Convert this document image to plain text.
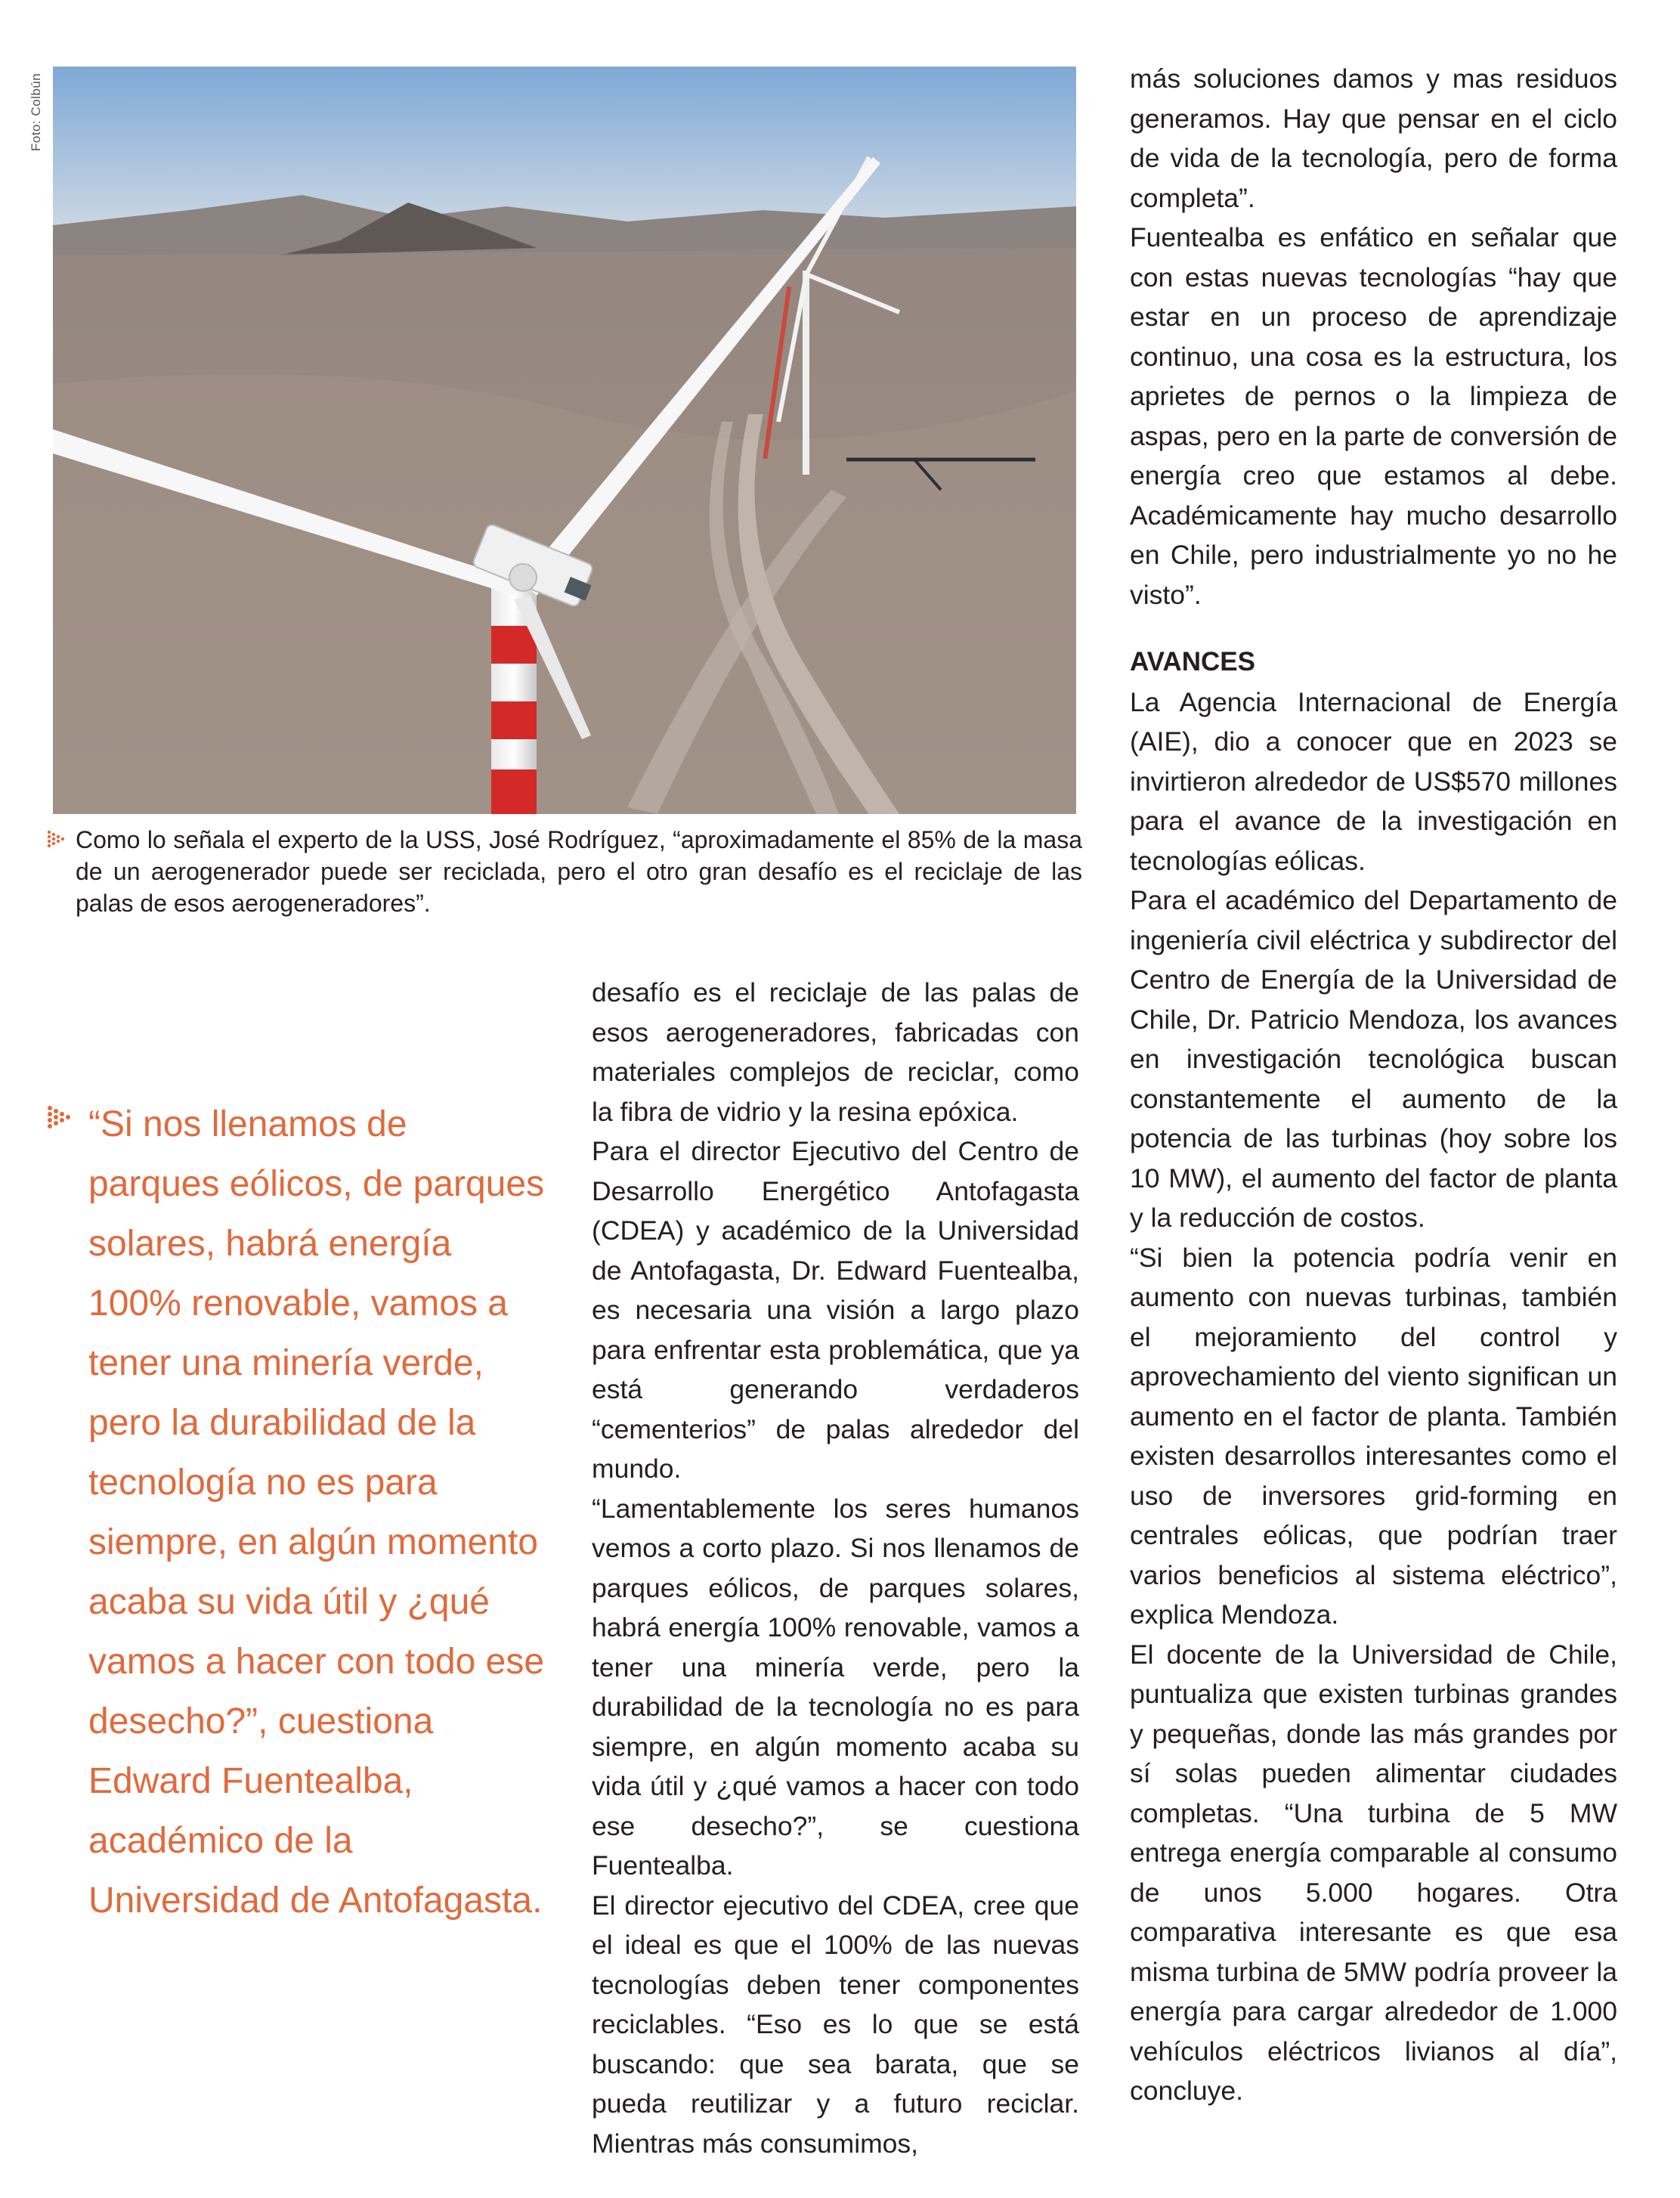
Foto: Colbún

Como lo señala el experto de la USS, José Rodríguez, “aproximadamente el 85% de la masa de un aerogenerador puede ser reciclada, pero el otro gran desafío es el reciclaje de las palas de esos aerogeneradores”.

“Si nos llenamos de parques eólicos, de parques solares, habrá energía 100% renovable, vamos a tener una minería verde, pero la durabilidad de la tecnología no es para siempre, en algún momento acaba su vida útil y ¿qué vamos a hacer con todo ese desecho?”, cuestiona Edward Fuentealba, académico de la Universidad de Antofagasta.

desafío es el reciclaje de las palas de esos aerogeneradores, fabricadas con materiales complejos de reciclar, como la fibra de vidrio y la resina epóxica.

Para el director Ejecutivo del Centro de Desarrollo Energético Antofagasta (CDEA) y académico de la Universidad de Antofagasta, Dr. Edward Fuentealba, es necesaria una visión a largo plazo para enfrentar esta problemática, que ya está generando verdaderos “cementerios” de palas alrededor del mundo.

“Lamentablemente los seres humanos vemos a corto plazo. Si nos llenamos de parques eólicos, de parques solares, habrá energía 100% renovable, vamos a tener una minería verde, pero la durabilidad de la tecnología no es para siempre, en algún momento acaba su vida útil y ¿qué vamos a hacer con todo ese desecho?”, se cuestiona Fuentealba.

El director ejecutivo del CDEA, cree que el ideal es que el 100% de las nuevas tecnologías deben tener componentes reciclables. “Eso es lo que se está buscando: que sea barata, que se pueda reutilizar y a futuro reciclar. Mientras más consumimos,

más soluciones damos y mas residuos generamos. Hay que pensar en el ciclo de vida de la tecnología, pero de forma completa”.

Fuentealba es enfático en señalar que con estas nuevas tecnologías “hay que estar en un proceso de aprendizaje continuo, una cosa es la estructura, los aprietes de pernos o la limpieza de aspas, pero en la parte de conversión de energía creo que estamos al debe. Académicamente hay mucho desarrollo en Chile, pero industrialmente yo no he visto”.

AVANCES

La Agencia Internacional de Energía (AIE), dio a conocer que en 2023 se invirtieron alrededor de US$570 millones para el avance de la investigación en tecnologías eólicas.

Para el académico del Departamento de ingeniería civil eléctrica y subdirector del Centro de Energía de la Universidad de Chile, Dr. Patricio Mendoza, los avances en investigación tecnológica buscan constantemente el aumento de la potencia de las turbinas (hoy sobre los 10 MW), el aumento del factor de planta y la reducción de costos.

“Si bien la potencia podría venir en aumento con nuevas turbinas, también el mejoramiento del control y aprovechamiento del viento significan un aumento en el factor de planta. También existen desarrollos interesantes como el uso de inversores grid-forming en centrales eólicas, que podrían traer varios beneficios al sistema eléctrico”, explica Mendoza.

El docente de la Universidad de Chile, puntualiza que existen turbinas grandes y pequeñas, donde las más grandes por sí solas pueden alimentar ciudades completas. “Una turbina de 5 MW entrega energía comparable al consumo de unos 5.000 hogares. Otra comparativa interesante es que esa misma turbina de 5MW podría proveer la energía para cargar alrededor de 1.000 vehículos eléctricos livianos al día”, concluye.
